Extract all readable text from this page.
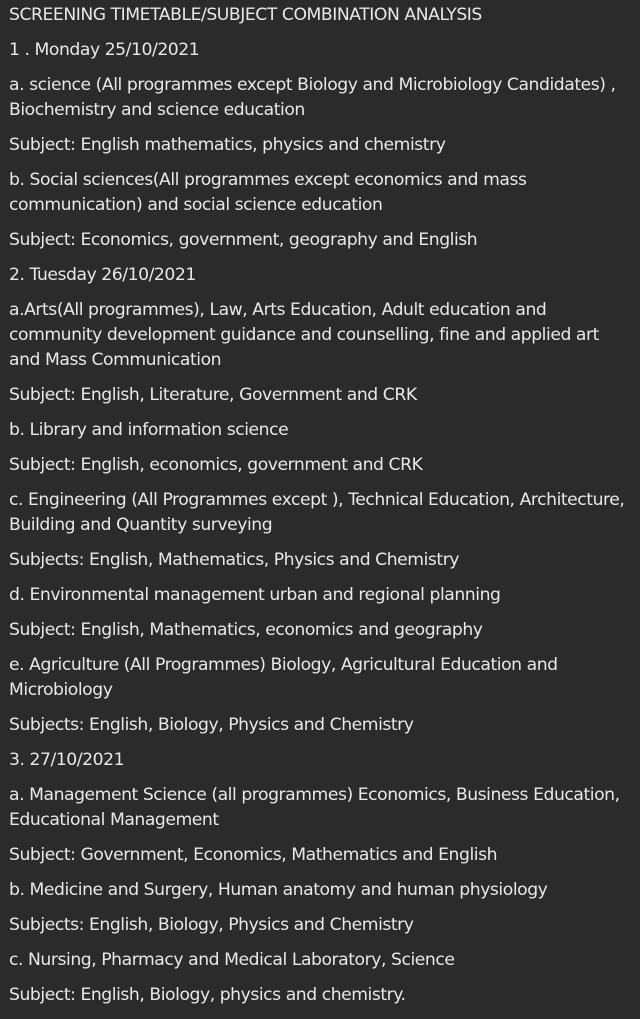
SCREENING TIMETABLE/SUBJECT COMBINATION ANALYSIS
1 . Monday 25/10/2021
a. science (All programmes except Biology and Microbiology Candidates) , Biochemistry and science education
Subject: English mathematics, physics and chemistry
b. Social sciences(All programmes except economics and mass communication) and social science education
Subject: Economics, government, geography and English
2. Tuesday 26/10/2021
a.Arts(All programmes), Law, Arts Education, Adult education and community development guidance and counselling, fine and applied art and Mass Communication
Subject: English, Literature, Government and CRK
b. Library and information science
Subject: English, economics, government and CRK
c. Engineering (All Programmes except ), Technical Education, Architecture, Building and Quantity surveying
Subjects: English, Mathematics, Physics and Chemistry
d. Environmental management urban and regional planning
Subject: English, Mathematics, economics and geography
e. Agriculture (All Programmes) Biology, Agricultural Education and Microbiology
Subjects: English, Biology, Physics and Chemistry
3. 27/10/2021
a. Management Science (all programmes) Economics, Business Education, Educational Management
Subject: Government, Economics, Mathematics and English
b. Medicine and Surgery, Human anatomy and human physiology
Subjects: English, Biology, Physics and Chemistry
c. Nursing, Pharmacy and Medical Laboratory, Science
Subject: English, Biology, physics and chemistry.
